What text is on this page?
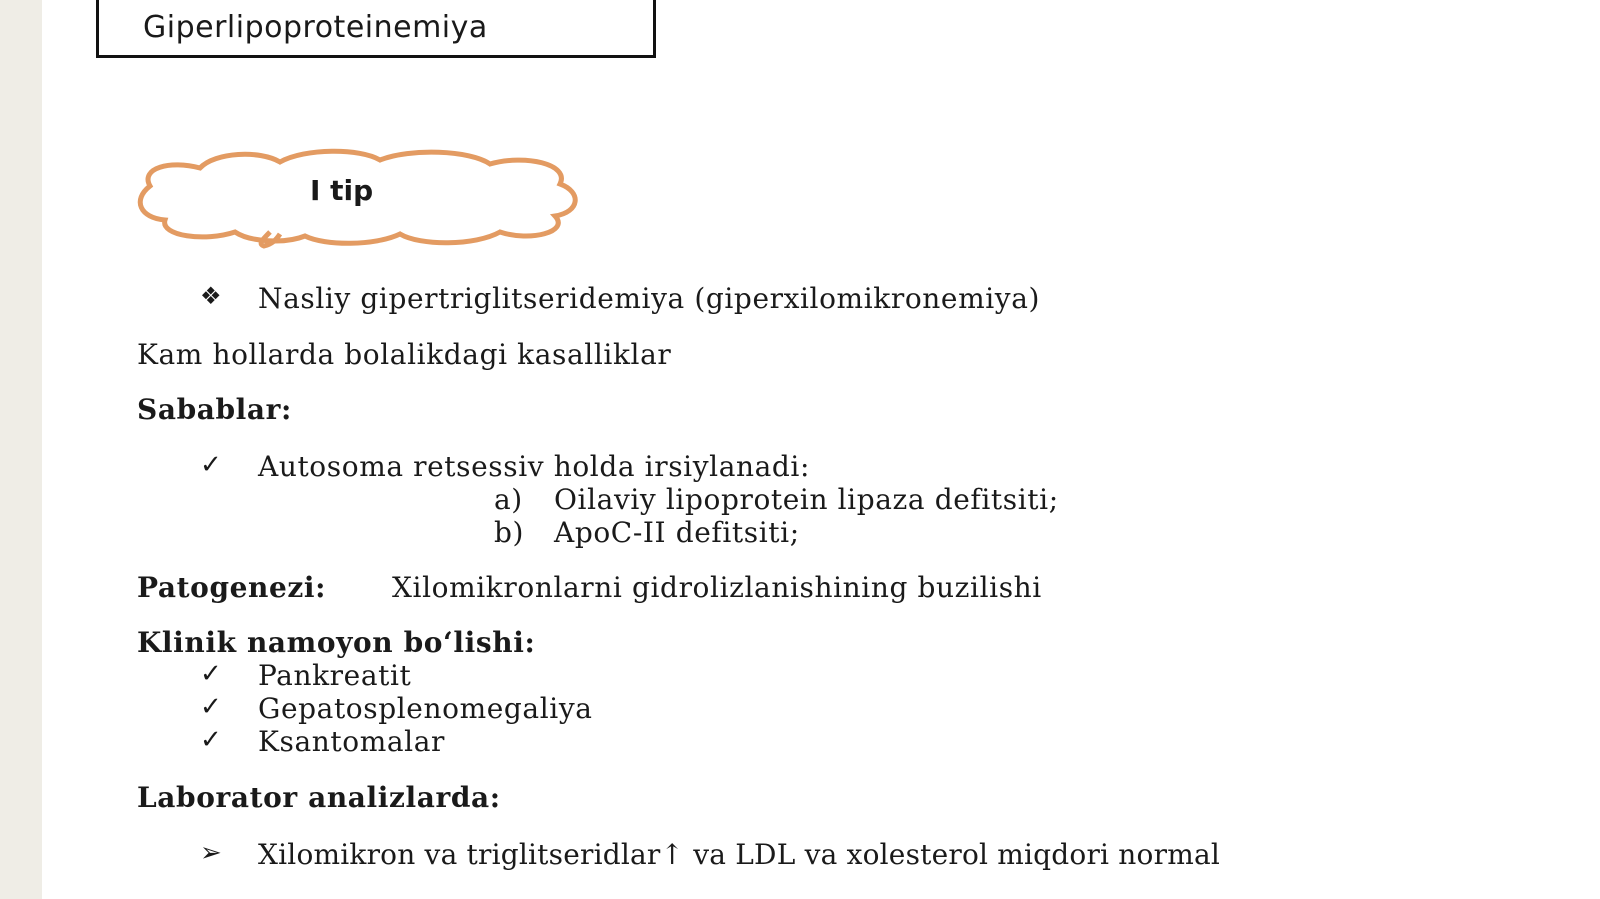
Giperlipoproteinemiya
I tip
❖ Nasliy gipertriglitseridemiya (giperxilomikronemiya)
Kam hollarda bolalikdagi kasalliklar
Sabablar:
✓ Autosoma retsessiv holda irsiylanadi:
a) Oilaviy lipoprotein lipaza defitsiti;
b) ApoC-II defitsiti;
Patogenezi: Xilomikronlarni gidrolizlanishining buzilishi
Klinik namoyon bo‘lishi:
✓ Pankreatit
✓ Gepatosplenomegaliya
✓ Ksantomalar
Laborator analizlarda:
➢ Xilomikron va triglitseridlar↑ va LDL va xolesterol miqdori normal
